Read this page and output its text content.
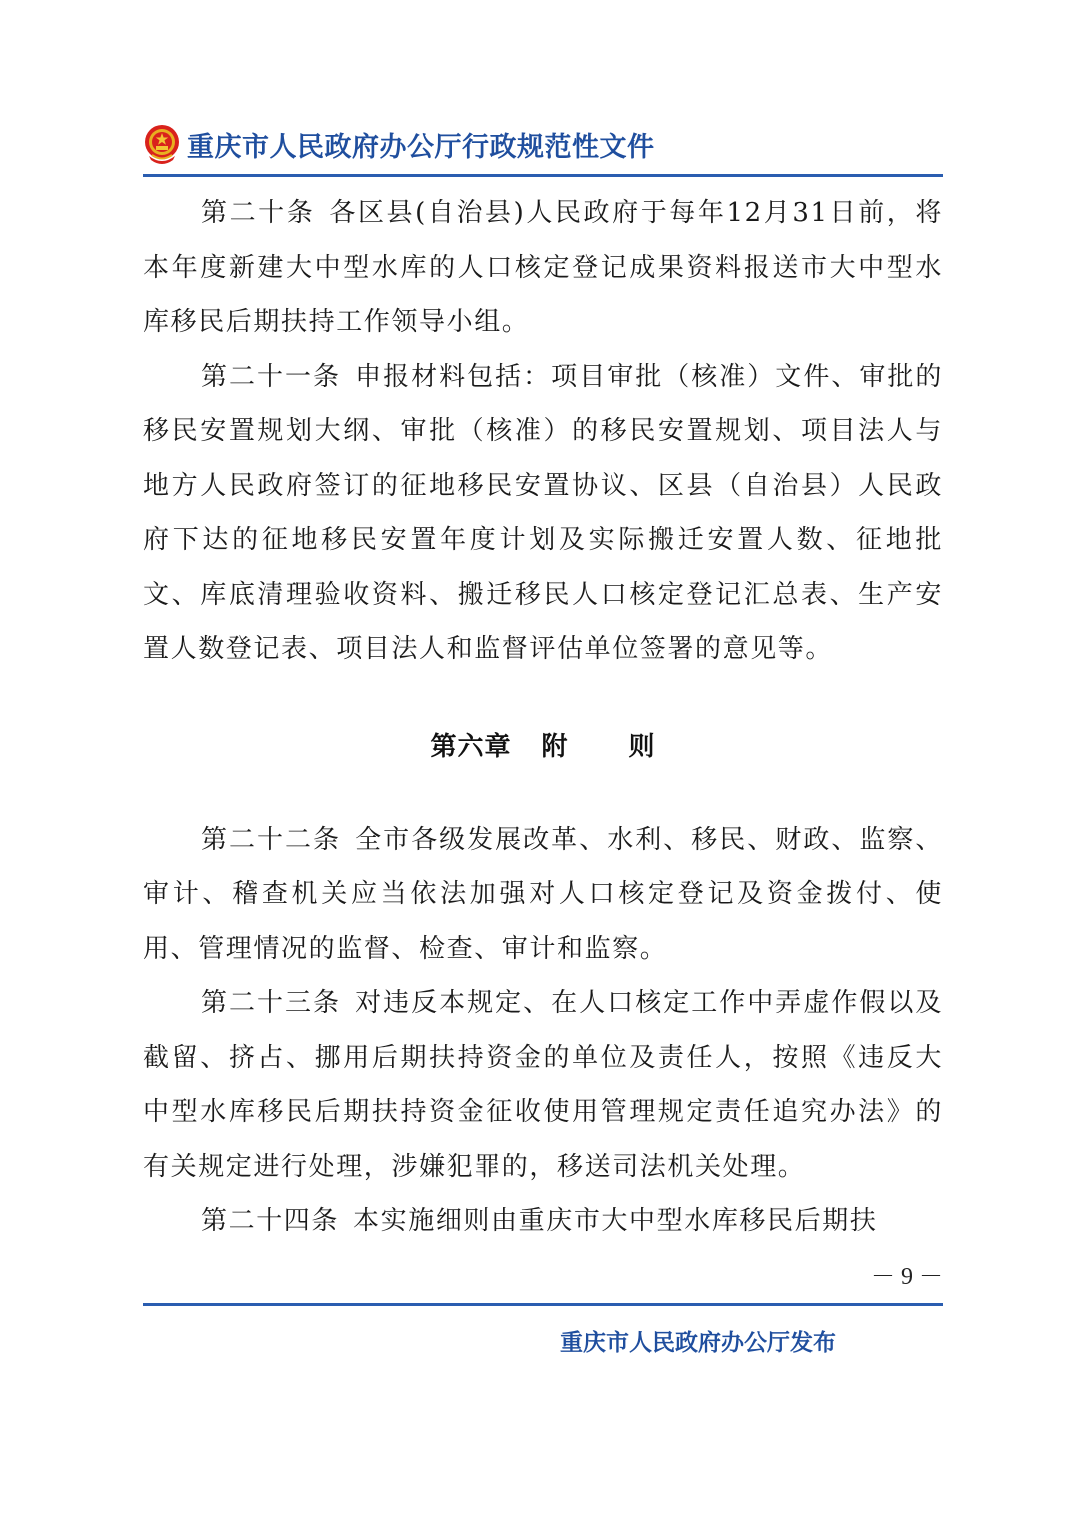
重庆市人民政府办公厅行政规范性文件

第二十条 各区县(自治县)人民政府于每年12月31日前，将本年度新建大中型水库的人口核定登记成果资料报送市大中型水库移民后期扶持工作领导小组。

第二十一条 申报材料包括：项目审批（核准）文件、审批的移民安置规划大纲、审批（核准）的移民安置规划、项目法人与地方人民政府签订的征地移民安置协议、区县（自治县）人民政府下达的征地移民安置年度计划及实际搬迁安置人数、征地批文、库底清理验收资料、搬迁移民人口核定登记汇总表、生产安置人数登记表、项目法人和监督评估单位签署的意见等。

第六章 附 则

第二十二条 全市各级发展改革、水利、移民、财政、监察、审计、稽查机关应当依法加强对人口核定登记及资金拨付、使用、管理情况的监督、检查、审计和监察。

第二十三条 对违反本规定、在人口核定工作中弄虚作假以及截留、挤占、挪用后期扶持资金的单位及责任人，按照《违反大中型水库移民后期扶持资金征收使用管理规定责任追究办法》的有关规定进行处理，涉嫌犯罪的，移送司法机关处理。

第二十四条 本实施细则由重庆市大中型水库移民后期扶

－ 9 －
重庆市人民政府办公厅发布
